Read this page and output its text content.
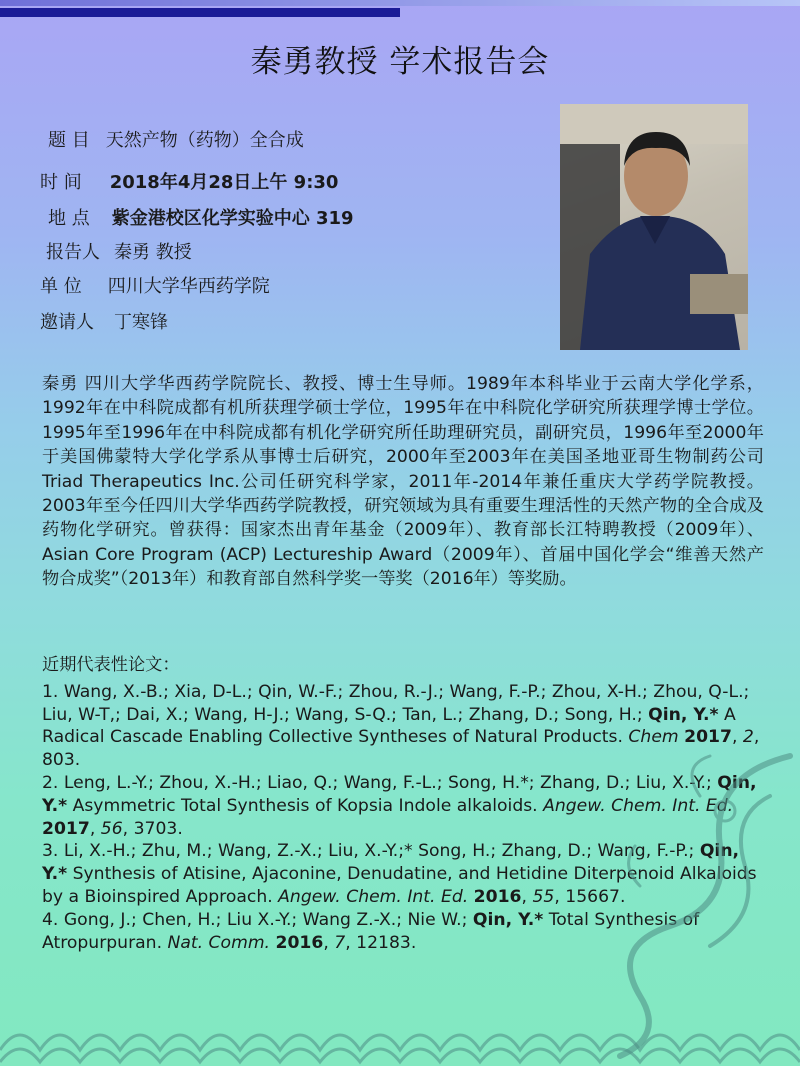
秦勇教授 学术报告会
题 目 天然产物（药物）全合成
时 间 2018年4月28日上午 9:30
地 点 紫金港校区化学实验中心 319
报告人 秦勇 教授
单 位 四川大学华西药学院
邀请人 丁寒锋
秦勇 四川大学华西药学院院长、教授、博士生导师。1989年本科毕业于云南大学化学系，1992年在中科院成都有机所获理学硕士学位，1995年在中科院化学研究所获理学博士学位。1995年至1996年在中科院成都有机化学研究所任助理研究员，副研究员，1996年至2000年于美国佛蒙特大学化学系从事博士后研究，2000年至2003年在美国圣地亚哥生物制药公司Triad Therapeutics Inc.公司任研究科学家，2011年-2014年兼任重庆大学药学院教授。2003年至今任四川大学华西药学院教授，研究领域为具有重要生理活性的天然产物的全合成及药物化学研究。曾获得：国家杰出青年基金（2009年）、教育部长江特聘教授（2009年）、Asian Core Program (ACP) Lectureship Award（2009年）、首届中国化学会“维善天然产物合成奖”（2013年）和教育部自然科学奖一等奖（2016年）等奖励。

近期代表性论文：

1. Wang, X.-B.; Xia, D-L.; Qin, W.-F.; Zhou, R.-J.; Wang, F.-P.; Zhou, X-H.; Zhou, Q-L.; Liu, W-T,; Dai, X.; Wang, H-J.; Wang, S-Q.; Tan, L.; Zhang, D.; Song, H.; Qin, Y.* A Radical Cascade Enabling Collective Syntheses of Natural Products. Chem 2017, 2, 803.

2. Leng, L.-Y.; Zhou, X.-H.; Liao, Q.; Wang, F.-L.; Song, H.*; Zhang, D.; Liu, X.-Y.; Qin, Y.* Asymmetric Total Synthesis of Kopsia Indole alkaloids. Angew. Chem. Int. Ed. 2017, 56, 3703.

3. Li, X.-H.; Zhu, M.; Wang, Z.-X.; Liu, X.-Y.;* Song, H.; Zhang, D.; Wang, F.-P.; Qin, Y.* Synthesis of Atisine, Ajaconine, Denudatine, and Hetidine Diterpenoid Alkaloids by a Bioinspired Approach. Angew. Chem. Int. Ed. 2016, 55, 15667.

4. Gong, J.; Chen, H.; Liu X.-Y.; Wang Z.-X.; Nie W.; Qin, Y.* Total Synthesis of Atropurpuran. Nat. Comm. 2016, 7, 12183.
